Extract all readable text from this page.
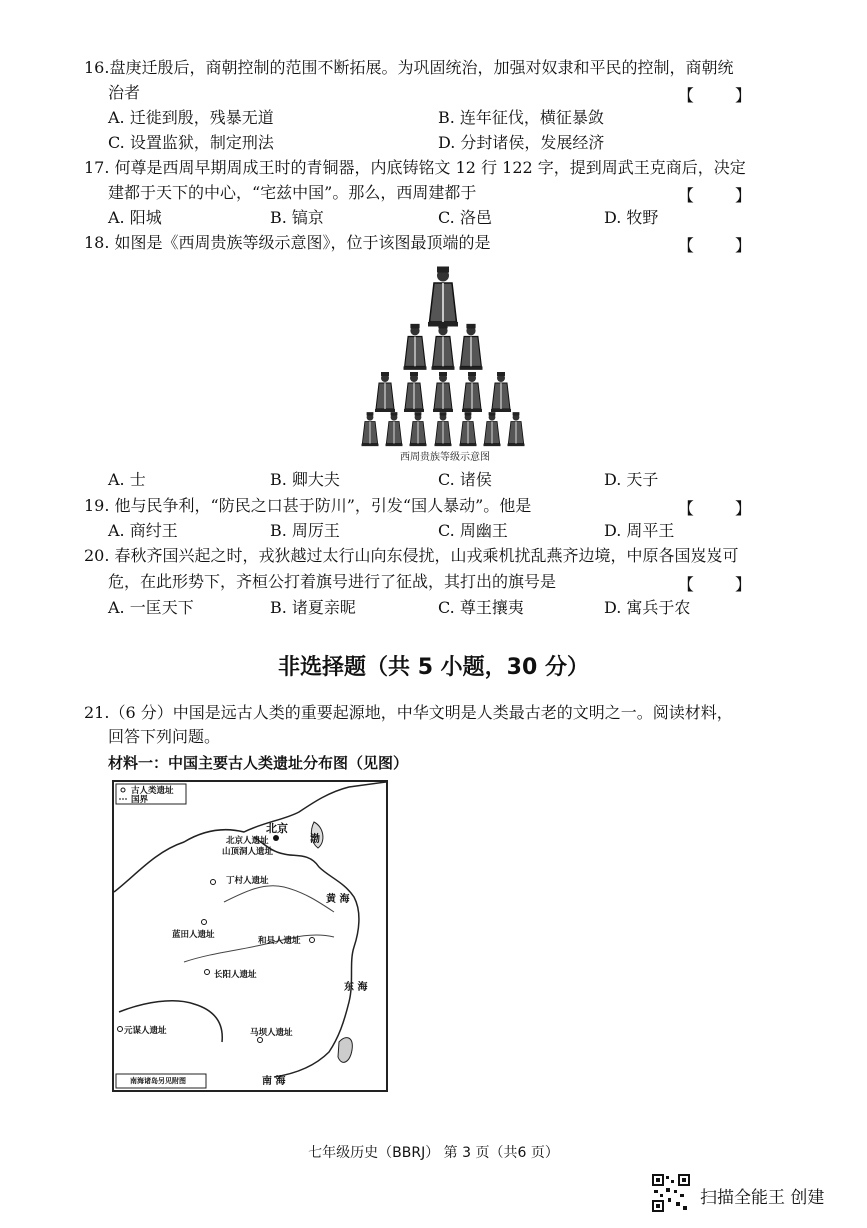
16.盘庚迁殷后，商朝控制的范围不断拓展。为巩固统治，加强对奴隶和平民的控制，商朝统
治者	【 】
A. 迁徙到殷，残暴无道	B. 连年征伐，横征暴敛
C. 设置监狱，制定刑法	D. 分封诸侯，发展经济
17. 何尊是西周早期周成王时的青铜器，内底铸铭文 12 行 122 字，提到周武王克商后，决定
建都于天下的中心，“宅兹中国”。那么，西周建都于	【 】
A. 阳城	B. 镐京	C. 洛邑	D. 牧野
18. 如图是《西周贵族等级示意图》，位于该图最顶端的是	【 】
西周贵族等级示意图
A. 士	B. 卿大夫	C. 诸侯	D. 天子
19. 他与民争利，“防民之口甚于防川”，引发“国人暴动”。他是	【 】
A. 商纣王	B. 周厉王	C. 周幽王	D. 周平王
20. 春秋齐国兴起之时，戎狄越过太行山向东侵扰，山戎乘机扰乱燕齐边境，中原各国岌岌可
危，在此形势下，齐桓公打着旗号进行了征战，其打出的旗号是	【 】
A. 一匡天下	B. 诸夏亲昵	C. 尊王攘夷	D. 寓兵于农
非选择题（共 5 小题，30 分）
21.（6 分）中国是远古人类的重要起源地，中华文明是人类最古老的文明之一。阅读材料，
回答下列问题。
材料一：中国主要古人类遗址分布图（见图）
古人类遗址
国界
北京
北京人遗址
山顶洞人遗址
丁村人遗址
蓝田人遗址
和县人遗址
长阳人遗址
元谋人遗址	马坝人遗址
渤
黄 海
东 海
南 海
南海诸岛另见附图
七年级历史（BBRJ） 第 3 页（共6 页）
扫描全能王 创建
